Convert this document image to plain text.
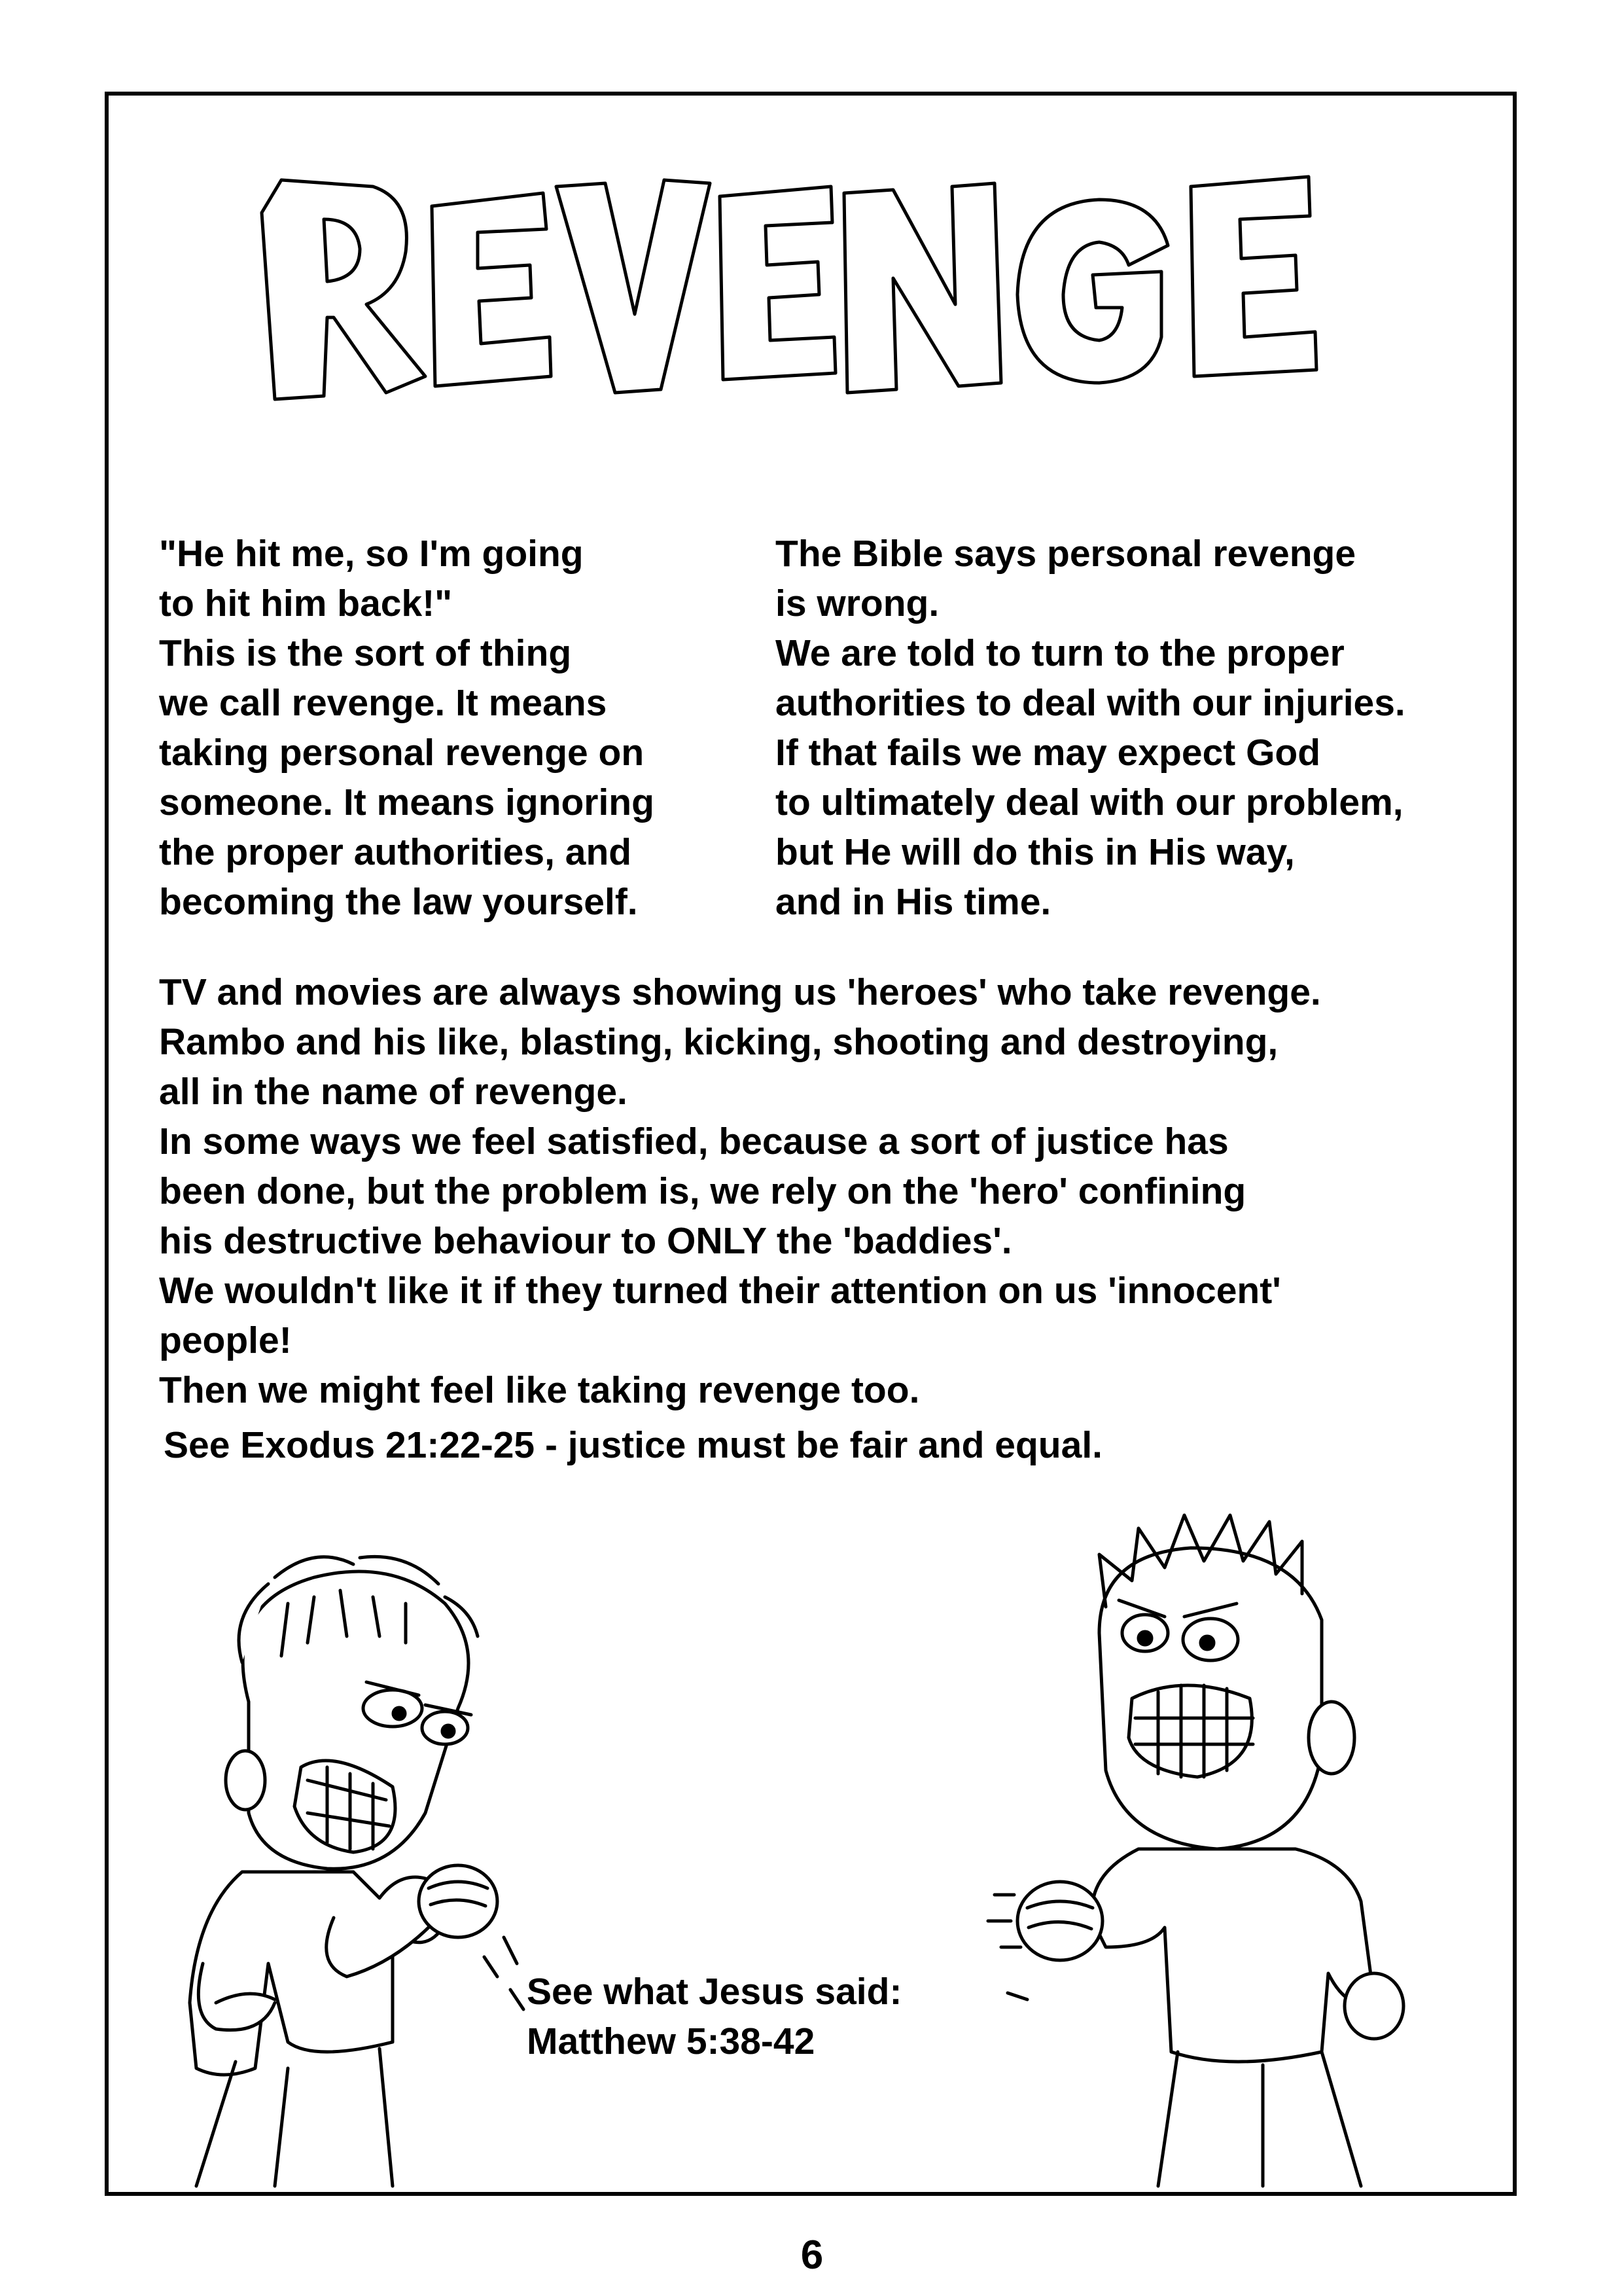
"He hit me, so I'm going

to hit him back!"

This is the sort of thing

we call revenge. It means

taking personal revenge on

someone. It means ignoring

the proper authorities, and

becoming the law yourself.

The Bible says personal revenge

is wrong.

We are told to turn to the proper

authorities to deal with our injuries.

If that fails we may expect God

to ultimately deal with our problem,

but He will do this in His way,

and in His time.

TV and movies are always showing us 'heroes' who take revenge.

Rambo and his like, blasting, kicking, shooting and destroying,

all in the name of revenge.

In some ways we feel satisfied, because a sort of justice has

been done, but the problem is, we rely on the 'hero' confining

his destructive behaviour to ONLY the 'baddies'.

We wouldn't like it if they turned their attention on us 'innocent'

people!

Then we might feel like taking revenge too.

See Exodus 21:22-25 - justice must be fair and equal.

See what Jesus said:

Matthew 5:38-42

6
